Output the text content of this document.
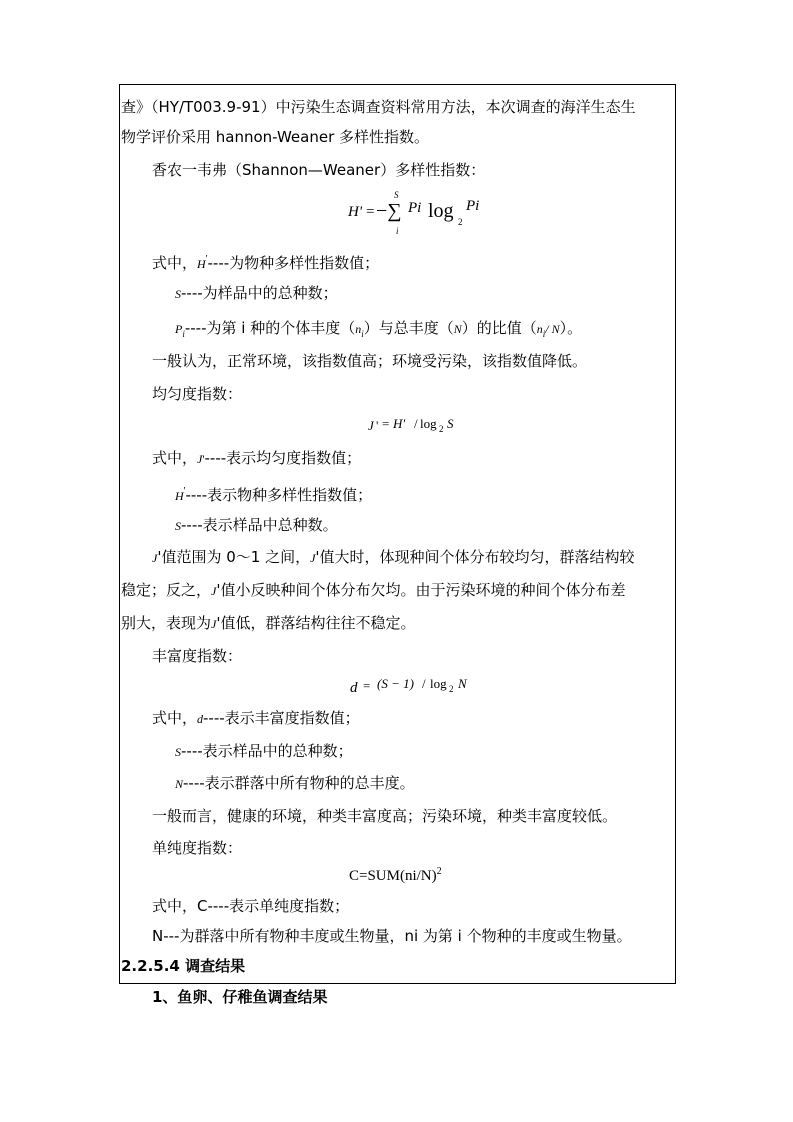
查》（HY/T003.9-91）中污染生态调查资料常用方法，本次调查的海洋生态生
物学评价采用 hannon-Weaner 多样性指数。
香农一韦弗（Shannon—Weaner）多样性指数：
H' = −∑
S
i
Pi log 2
Pi
式中，H'----为物种多样性指数值；
S----为样品中的总种数；
$P_i----$为第 i 种的个体丰度$(n_i)$与总丰度（N）的比值（$n_i/$ N）。
一般认为，正常环境，该指数值高；环境受污染，该指数值降低。
均匀度指数：
J ' = H' / log 2 S
式中，J'----表示均匀度指数值；
H'----表示物种多样性指数值；
S----表示样品中总种数。
J'值范围为 0～1 之间，J'值大时，体现种间个体分布较均匀，群落结构较
稳定；反之，J'值小反映种间个体分布欠均。由于污染环境的种间个体分布差
别大，表现为J'值低，群落结构往往不稳定。
丰富度指数：
d = (S − 1) / log 2 N
式中，d----表示丰富度指数值；
S----表示样品中的总种数；
N----表示群落中所有物种的总丰度。
一般而言，健康的环境，种类丰富度高；污染环境，种类丰富度较低。
单纯度指数：
$C=SUM(ni/N)^2$
式中，C----表示单纯度指数；
N---为群落中所有物种丰度或生物量，ni 为第 i 个物种的丰度或生物量。
2.2.5.4 调查结果
1、鱼卵、仔稚鱼调查结果
